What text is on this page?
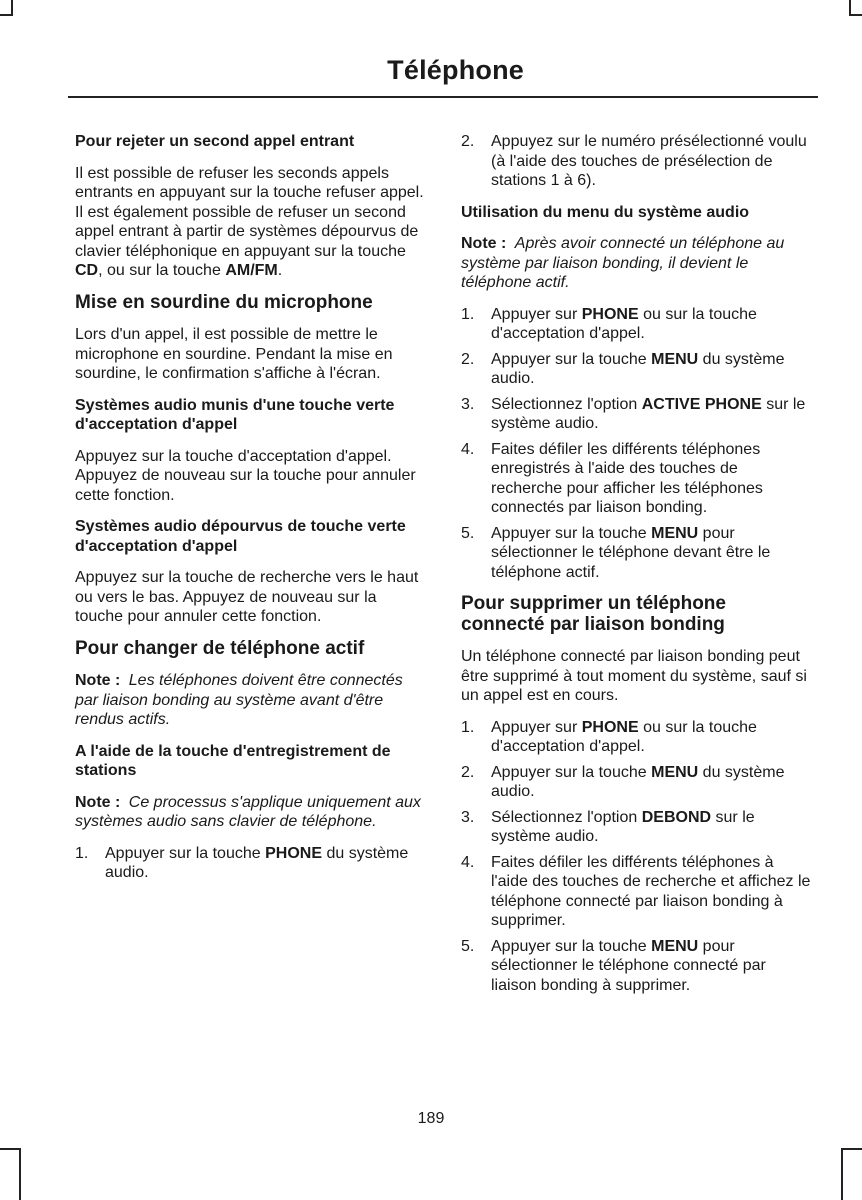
Téléphone
Pour rejeter un second appel entrant

Il est possible de refuser les seconds appels entrants en appuyant sur la touche refuser appel. Il est également possible de refuser un second appel entrant à partir de systèmes dépourvus de clavier téléphonique en appuyant sur la touche CD, ou sur la touche AM/FM.

Mise en sourdine du microphone

Lors d'un appel, il est possible de mettre le microphone en sourdine. Pendant la mise en sourdine, le confirmation s'affiche à l'écran.

Systèmes audio munis d'une touche verte d'acceptation d'appel

Appuyez sur la touche d'acceptation d'appel. Appuyez de nouveau sur la touche pour annuler cette fonction.

Systèmes audio dépourvus de touche verte d'acceptation d'appel

Appuyez sur la touche de recherche vers le haut ou vers le bas. Appuyez de nouveau sur la touche pour annuler cette fonction.

Pour changer de téléphone actif

Note : Les téléphones doivent être connectés par liaison bonding au système avant d'être rendus actifs.

A l'aide de la touche d'entregistrement de stations

Note : Ce processus s'applique uniquement aux systèmes audio sans clavier de téléphone.

1. Appuyer sur la touche PHONE du système audio.
2. Appuyez sur le numéro présélectionné voulu (à l'aide des touches de présélection de stations 1 à 6).
Utilisation du menu du système audio

Note : Après avoir connecté un téléphone au système par liaison bonding, il devient le téléphone actif.

1. Appuyer sur PHONE ou sur la touche d'acceptation d'appel.
2. Appuyer sur la touche MENU du système audio.
3. Sélectionnez l'option ACTIVE PHONE sur le système audio.
4. Faites défiler les différents téléphones enregistrés à l'aide des touches de recherche pour afficher les téléphones connectés par liaison bonding.
5. Appuyer sur la touche MENU pour sélectionner le téléphone devant être le téléphone actif.
Pour supprimer un téléphone connecté par liaison bonding

Un téléphone connecté par liaison bonding peut être supprimé à tout moment du système, sauf si un appel est en cours.

1. Appuyer sur PHONE ou sur la touche d'acceptation d'appel.
2. Appuyer sur la touche MENU du système audio.
3. Sélectionnez l'option DEBOND sur le système audio.
4. Faites défiler les différents téléphones à l'aide des touches de recherche et affichez le téléphone connecté par liaison bonding à supprimer.
5. Appuyer sur la touche MENU pour sélectionner le téléphone connecté par liaison bonding à supprimer.
189
